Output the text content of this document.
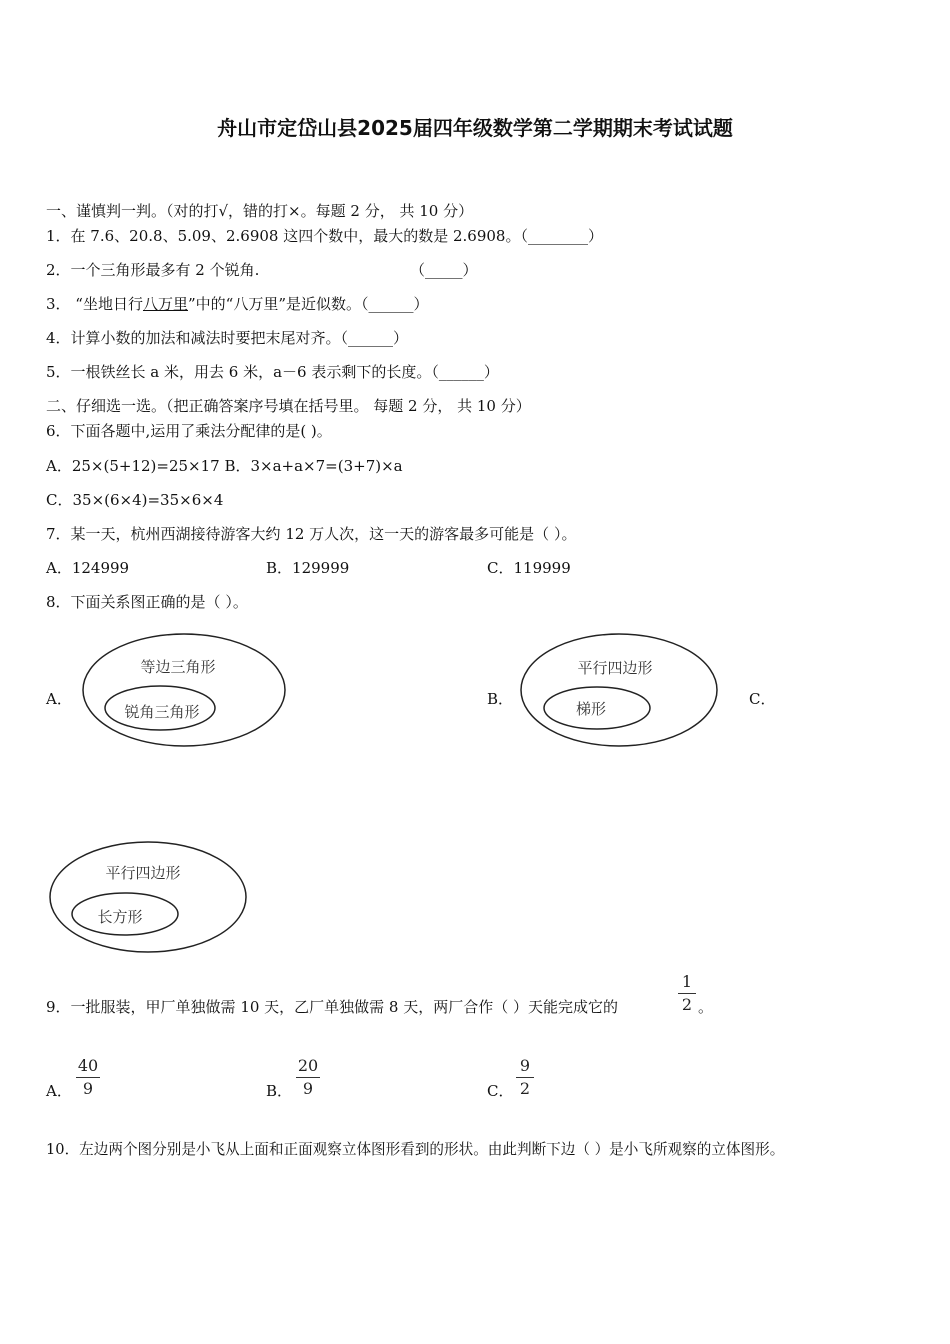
舟山市定岱山县2025届四年级数学第二学期期末考试试题
一、谨慎判一判。（对的打√，错的打×。每题 2 分， 共 10 分）
1．在 7.6、20.8、5.09、2.6908 这四个数中，最大的数是 2.6908。（________）
2．一个三角形最多有 2 个锐角.	（_____）
3． “坐地日行八万里”中的“八万里”是近似数。（______）
4．计算小数的加法和减法时要把末尾对齐。（______）
5．一根铁丝长 a 米，用去 6 米，a－6 表示剩下的长度。（______）
二、仔细选一选。（把正确答案序号填在括号里。 每题 2 分， 共 10 分）
6．下面各题中,运用了乘法分配律的是( )。
A．25×(5+12)=25×17 B．3×a+a×7=(3+7)×a
C．35×(6×4)=35×6×4
7．某一天，杭州西湖接待游客大约 12 万人次，这一天的游客最多可能是（ ）。
A．124999	B．129999	C．119999
8．下面关系图正确的是（ ）。
A．
等边三角形
锐角三角形
B．
平行四边形
梯形
C．
平行四边形
长方形
9．一批服装，甲厂单独做需 10 天，乙厂单独做需 8 天，两厂合作（ ）天能完成它的
1
2 。
A．
40
9	B．
20
9	C．
9
2
10．左边两个图分别是小飞从上面和正面观察立体图形看到的形状。由此判断下边（ ）是小飞所观察的立体图形。
